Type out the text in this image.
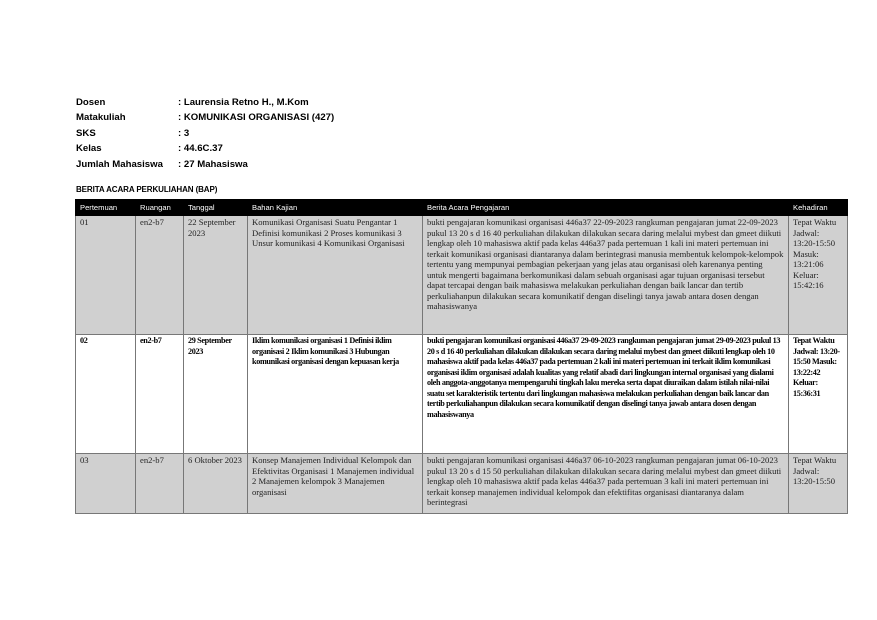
Dosen	: Laurensia Retno H., M.Kom
Matakuliah	: KOMUNIKASI ORGANISASI (427)
SKS	: 3
Kelas	: 44.6C.37
Jumlah Mahasiswa : 27 Mahasiswa
BERITA ACARA PERKULIAHAN (BAP)
Pertemuan	Ruangan	Tanggal	Bahan Kajian	Berita Acara Pengajaran	Kehadiran
01	en2-b7	22 September 2023	Komunikasi Organisasi Suatu Pengantar 1 Definisi komunikasi 2 Proses komunikasi 3 Unsur komunikasi 4 Komunikasi Organisasi	bukti pengajaran komunikasi organisasi 446a37 22-09-2023 rangkuman pengajaran jumat 22-09-2023 pukul 13 20 s d 16 40 perkuliahan dilakukan dilakukan secara daring melalui mybest dan gmeet diikuti lengkap oleh 10 mahasiswa aktif pada kelas 446a37 pada pertemuan 1 kali ini materi pertemuan ini terkait komunikasi organisasi diantaranya dalam berintegrasi manusia membentuk kelompok-kelompok tertentu yang mempunyai pembagian pekerjaan yang jelas atau organisasi oleh karenanya penting untuk mengerti bagaimana berkomunikasi dalam sebuah organisasi agar tujuan organisasi tersebut dapat tercapai dengan baik mahasiswa melakukan perkuliahan dengan baik lancar dan tertib perkuliahanpun dilakukan secara komunikatif dengan diselingi tanya jawab antara dosen dengan mahasiswanya	Tepat Waktu Jadwal: 13:20-15:50 Masuk: 13:21:06 Keluar: 15:42:16
02	en2-b7	29 September 2023	Iklim komunikasi organisasi 1 Definisi iklim organisasi 2 Iklim komunikasi 3 Hubungan komunikasi organisasi dengan kepuasan kerja	bukti pengajaran komunikasi organisasi 446a37 29-09-2023 rangkuman pengajaran jumat 29-09-2023 pukul 13 20 s d 16 40 perkuliahan dilakukan dilakukan secara daring melalui mybest dan gmeet diikuti lengkap oleh 10 mahasiswa aktif pada kelas 446a37 pada pertemuan 2 kali ini materi pertemuan ini terkait iklim komunikasi organisasi iklim organisasi adalah kualitas yang relatif abadi dari lingkungan internal organisasi yang dialami oleh anggota-anggotanya mempengaruhi tingkah laku mereka serta dapat diuraikan dalam istilah nilai-nilai suatu set karakteristik tertentu dari lingkungan mahasiswa melakukan perkuliahan dengan baik lancar dan tertib perkuliahanpun dilakukan secara komunikatif dengan diselingi tanya jawab antara dosen dengan mahasiswanya	Tepat Waktu Jadwal: 13:20-15:50 Masuk: 13:22:42 Keluar: 15:36:31
03	en2-b7	6 Oktober 2023	Konsep Manajemen Individual Kelompok dan Efektivitas Organisasi 1 Manajemen individual 2 Manajemen kelompok 3 Manajemen organisasi	bukti pengajaran komunikasi organisasi 446a37 06-10-2023 rangkuman pengajaran jumat 06-10-2023 pukul 13 20 s d 15 50 perkuliahan dilakukan dilakukan secara daring melalui mybest dan gmeet diikuti lengkap oleh 10 mahasiswa aktif pada kelas 446a37 pada pertemuan 3 kali ini materi pertemuan ini terkait konsep manajemen individual kelompok dan efektifitas organisasi diantaranya dalam berintegrasi	Tepat Waktu Jadwal: 13:20-15:50
